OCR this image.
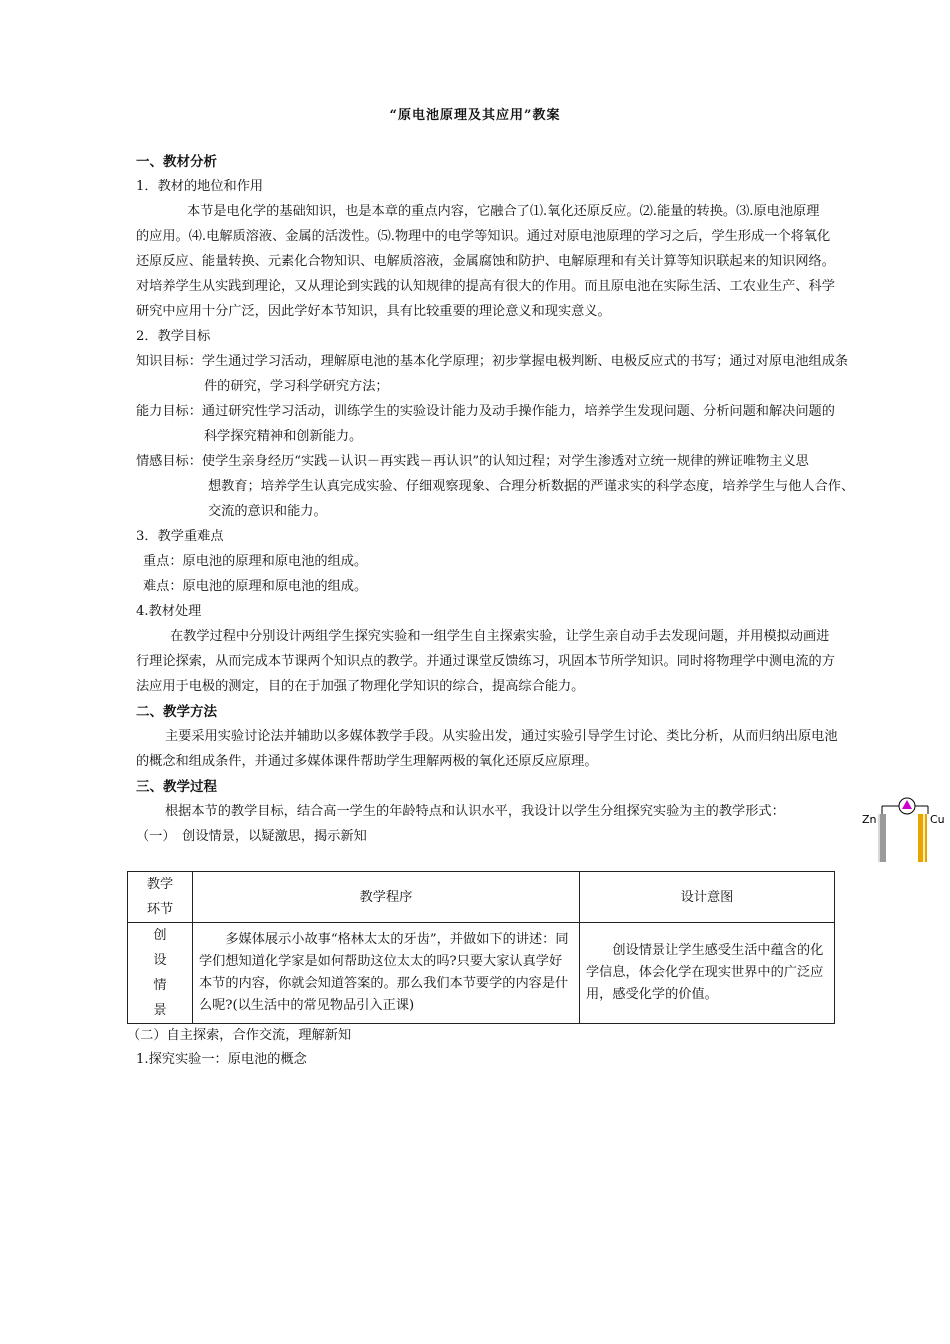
“原电池原理及其应用”教案
一、教材分析
1．教材的地位和作用
本节是电化学的基础知识，也是本章的重点内容，它融合了⑴.氧化还原反应。⑵.能量的转换。⑶.原电池原理
的应用。⑷.电解质溶液、金属的活泼性。⑸.物理中的电学等知识。通过对原电池原理的学习之后，学生形成一个将氧化
还原反应、能量转换、元素化合物知识、电解质溶液，金属腐蚀和防护、电解原理和有关计算等知识联起来的知识网络。
对培养学生从实践到理论，又从理论到实践的认知规律的提高有很大的作用。而且原电池在实际生活、工农业生产、科学
研究中应用十分广泛，因此学好本节知识，具有比较重要的理论意义和现实意义。
2．教学目标
知识目标：学生通过学习活动，理解原电池的基本化学原理；初步掌握电极判断、电极反应式的书写；通过对原电池组成条
件的研究，学习科学研究方法；
能力目标：通过研究性学习活动，训练学生的实验设计能力及动手操作能力，培养学生发现问题、分析问题和解决问题的
科学探究精神和创新能力。
情感目标：使学生亲身经历“实践－认识－再实践－再认识”的认知过程；对学生渗透对立统一规律的辨证唯物主义思
想教育；培养学生认真完成实验、仔细观察现象、合理分析数据的严谨求实的科学态度，培养学生与他人合作、
交流的意识和能力。
3．教学重难点
重点：原电池的原理和原电池的组成。
难点：原电池的原理和原电池的组成。
4.教材处理
在教学过程中分别设计两组学生探究实验和一组学生自主探索实验，让学生亲自动手去发现问题，并用模拟动画进
行理论探索，从而完成本节课两个知识点的教学。并通过课堂反馈练习，巩固本节所学知识。同时将物理学中测电流的方
法应用于电极的测定，目的在于加强了物理化学知识的综合，提高综合能力。
二、教学方法
主要采用实验讨论法并辅助以多媒体教学手段。从实验出发，通过实验引导学生讨论、类比分析，从而归纳出原电池
的概念和组成条件，并通过多媒体课件帮助学生理解两极的氧化还原反应原理。
三、教学过程
根据本节的教学目标，结合高一学生的年龄特点和认识水平，我设计以学生分组探究实验为主的教学形式：
（一）　创设情景，以疑激思，揭示新知
Zn	Cu
教学
环节	教学程序	设计意图

创
设
情
景	　　多媒体展示小故事“格林太太的牙齿”，并做如下的讲述：同学们想知道化学家是如何帮助这位太太的吗?只要大家认真学好本节的内容，你就会知道答案的。那么我们本节要学的内容是什么呢?(以生活中的常见物品引入正课)	　　创设情景让学生感受生活中蕴含的化学信息，体会化学在现实世界中的广泛应用，感受化学的价值。
（二）自主探索，合作交流，理解新知
1.探究实验一：原电池的概念
